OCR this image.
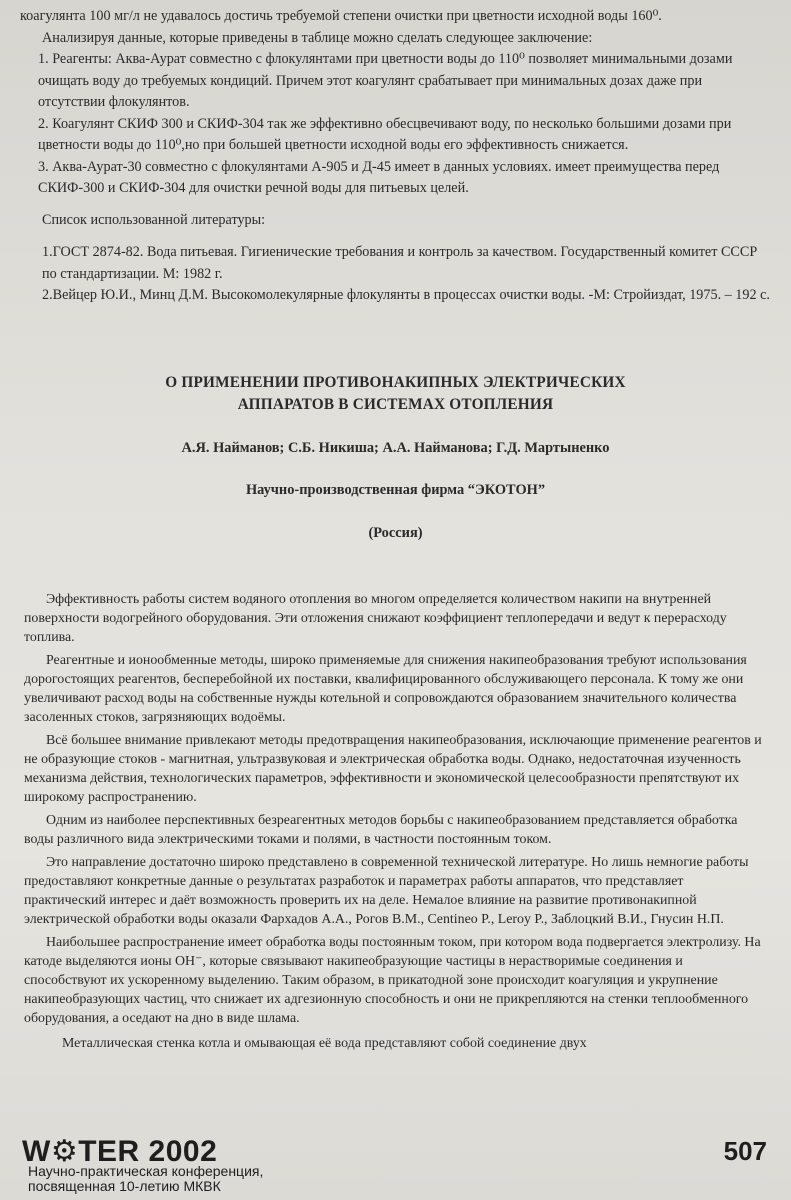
коагулянта 100 мг/л не удавалось достичь требуемой степени очистки при цветности исходной воды 160⁰.

Анализируя данные, которые приведены в таблице можно сделать следующее заключение:

1. Реагенты: Аква-Аурат совместно с флокулянтами при цветности воды до 110⁰ позволяет минимальными дозами очищать воду до требуемых кондиций. Причем этот коагулянт срабатывает при минимальных дозах даже при отсутствии флокулянтов.

2. Коагулянт СКИФ 300 и СКИФ-304 так же эффективно обесцвечивают воду, по несколько большими дозами при цветности воды до 110⁰,но при большей цветности исходной воды его эффективность снижается.

3. Аква-Аурат-30 совместно с флокулянтами А-905 и Д-45 имеет в данных условиях. имеет преимущества перед СКИФ-300 и СКИФ-304 для очистки речной воды для питьевых целей.

Список использованной литературы:

1.ГОСТ 2874-82. Вода питьевая. Гигиенические требования и контроль за качеством. Государственный комитет СССР по стандартизации. М: 1982 г.

2.Вейцер Ю.И., Минц Д.М. Высокомолекулярные флокулянты в процессах очистки воды. -М: Стройиздат, 1975. – 192 с.

О ПРИМЕНЕНИИ ПРОТИВОНАКИПНЫХ ЭЛЕКТРИЧЕСКИХ
АППАРАТОВ В СИСТЕМАХ ОТОПЛЕНИЯ
А.Я. Найманов; С.Б. Никиша; А.А. Найманова; Г.Д. Мартыненко
Научно-производственная фирма “ЭКОТОН”
(Россия)

Эффективность работы систем водяного отопления во многом определяется количеством накипи на внутренней поверхности водогрейного оборудования. Эти отложения снижают коэффициент теплопередачи и ведут к перерасходу топлива.

Реагентные и ионообменные методы, широко применяемые для снижения накипеобразования требуют использования дорогостоящих реагентов, бесперебойной их поставки, квалифицированного обслуживающего персонала. К тому же они увеличивают расход воды на собственные нужды котельной и сопровождаются образованием значительного количества засоленных стоков, загрязняющих водоёмы.

Всё большее внимание привлекают методы предотвращения накипеобразования, исключающие применение реагентов и не образующие стоков - магнитная, ультразвуковая и электрическая обработка воды. Однако, недостаточная изученность механизма действия, технологических параметров, эффективности и экономической целесообразности препятствуют их широкому распространению.

Одним из наиболее перспективных безреагентных методов борьбы с накипеобразованием представляется обработка воды различного вида электрическими токами и полями, в частности постоянным током.

Это направление достаточно широко представлено в современной технической литературе. Но лишь немногие работы предоставляют конкретные данные о результатах разработок и параметрах работы аппаратов, что представляет практический интерес и даёт возможность проверить их на деле. Немалое влияние на развитие противонакипной электрической обработки воды оказали Фархадов А.А., Рогов В.М., Centineo P., Leroy P., Заблоцкий В.И., Гнусин Н.П.

Наибольшее распространение имеет обработка воды постоянным током, при котором вода подвергается электролизу. На катоде выделяются ионы OH⁻, которые связывают накипеобразующие частицы в нерастворимые соединения и способствуют их ускоренному выделению. Таким образом, в прикатодной зоне происходит коагуляция и укрупнение накипеобразующих частиц, что снижает их адгезионную способность и они не прикрепляются на стенки теплообменного оборудования, а оседают на дно в виде шлама.

Металлическая стенка котла и омывающая её вода представляют собой соединение двух

W⚙TER 2002
Научно-практическая конференция,
посвященная 10-летию МКВК
507
